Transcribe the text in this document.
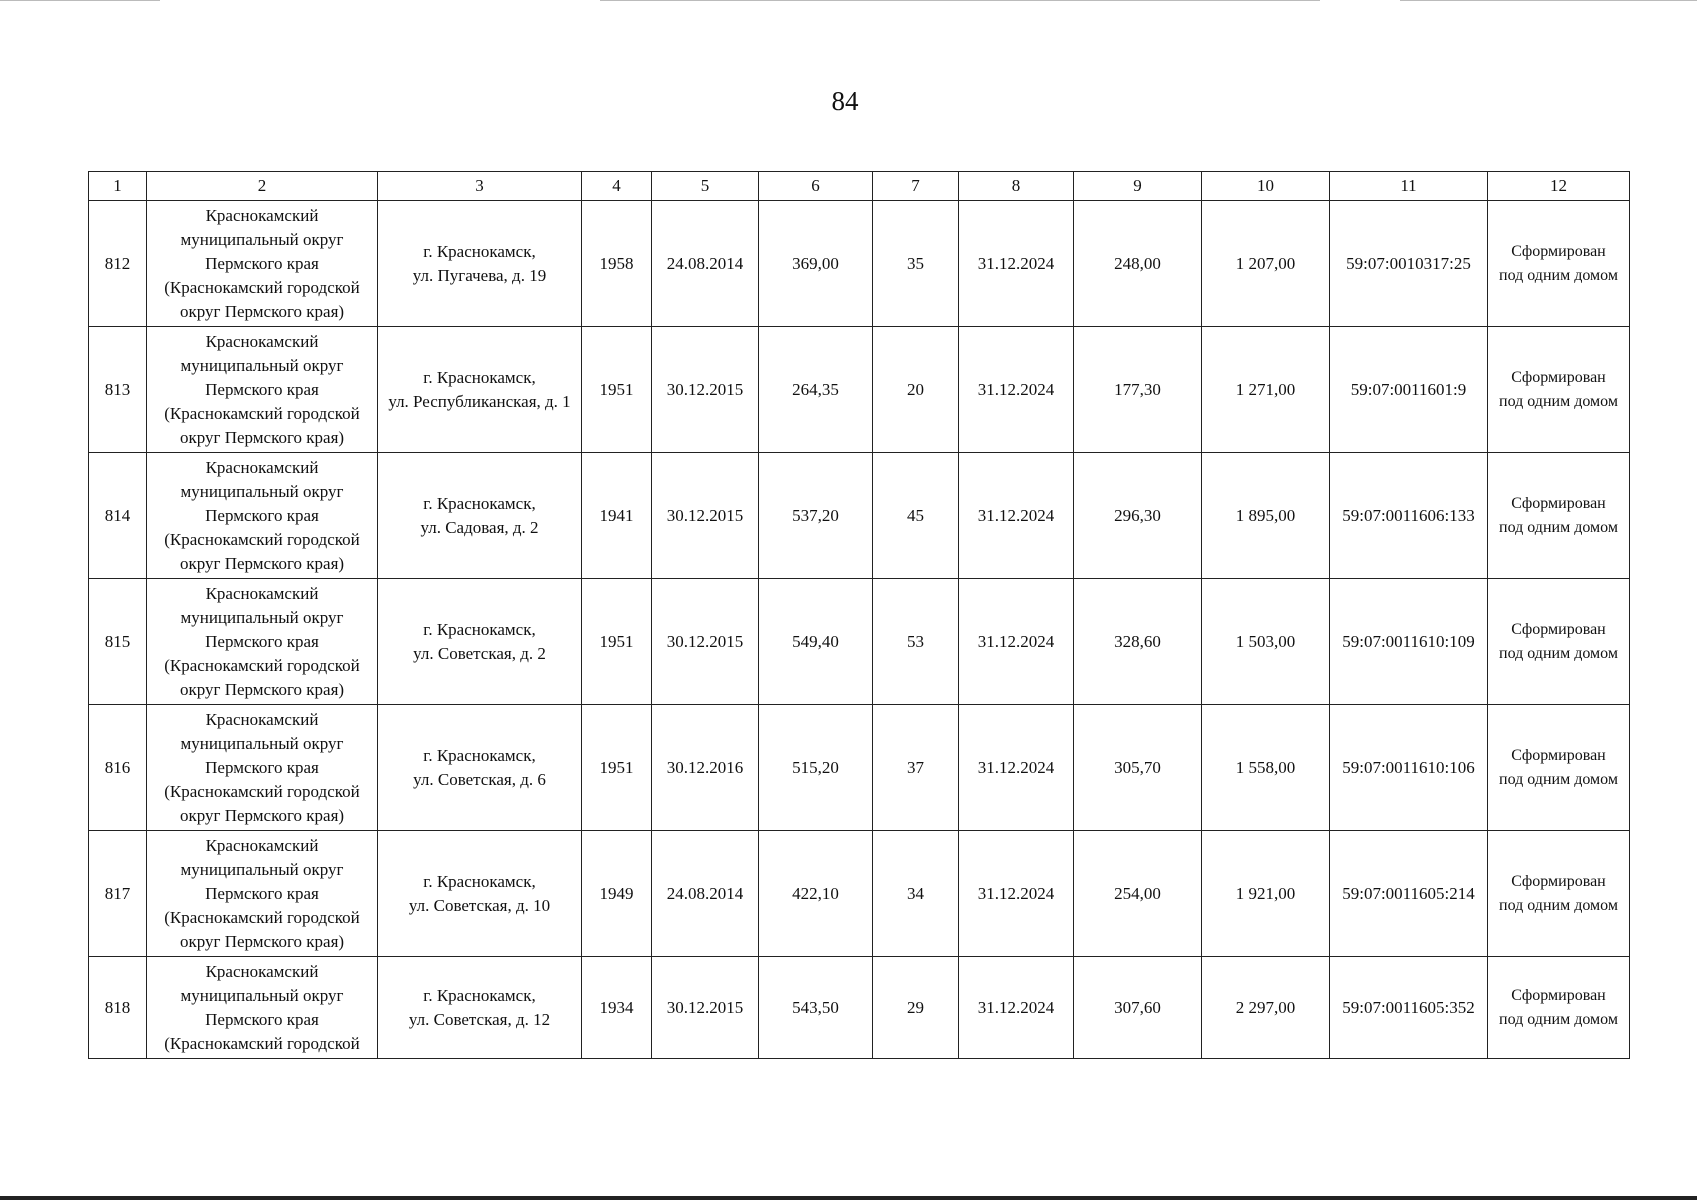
84
1	2	3	4	5	6	7	8	9	10	11	12
812	Краснокамский
муниципальный округ
Пермского края
(Краснокамский городской
округ Пермского края)	г. Краснокамск,
ул. Пугачева, д. 19	1958	24.08.2014	369,00	35	31.12.2024	248,00	1 207,00	59:07:0010317:25	Сформирован
под одним домом

813	Краснокамский
муниципальный округ
Пермского края
(Краснокамский городской
округ Пермского края)	г. Краснокамск,
ул. Республиканская, д. 1	1951	30.12.2015	264,35	20	31.12.2024	177,30	1 271,00	59:07:0011601:9	Сформирован
под одним домом

814	Краснокамский
муниципальный округ
Пермского края
(Краснокамский городской
округ Пермского края)	г. Краснокамск,
ул. Садовая, д. 2	1941	30.12.2015	537,20	45	31.12.2024	296,30	1 895,00	59:07:0011606:133	Сформирован
под одним домом

815	Краснокамский
муниципальный округ
Пермского края
(Краснокамский городской
округ Пермского края)	г. Краснокамск,
ул. Советская, д. 2	1951	30.12.2015	549,40	53	31.12.2024	328,60	1 503,00	59:07:0011610:109	Сформирован
под одним домом

816	Краснокамский
муниципальный округ
Пермского края
(Краснокамский городской
округ Пермского края)	г. Краснокамск,
ул. Советская, д. 6	1951	30.12.2016	515,20	37	31.12.2024	305,70	1 558,00	59:07:0011610:106	Сформирован
под одним домом

817	Краснокамский
муниципальный округ
Пермского края
(Краснокамский городской
округ Пермского края)	г. Краснокамск,
ул. Советская, д. 10	1949	24.08.2014	422,10	34	31.12.2024	254,00	1 921,00	59:07:0011605:214	Сформирован
под одним домом

818	Краснокамский
муниципальный округ
Пермского края
(Краснокамский городской	г. Краснокамск,
ул. Советская, д. 12	1934	30.12.2015	543,50	29	31.12.2024	307,60	2 297,00	59:07:0011605:352	Сформирован
под одним домом
